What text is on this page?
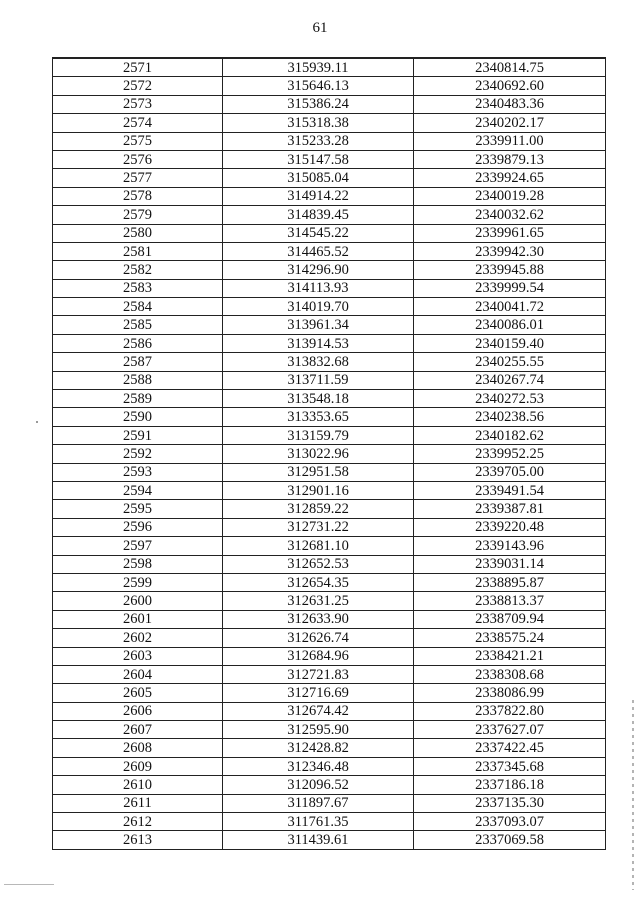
61
2571	315939.11	2340814.75
2572	315646.13	2340692.60
2573	315386.24	2340483.36
2574	315318.38	2340202.17
2575	315233.28	2339911.00
2576	315147.58	2339879.13
2577	315085.04	2339924.65
2578	314914.22	2340019.28
2579	314839.45	2340032.62
2580	314545.22	2339961.65
2581	314465.52	2339942.30
2582	314296.90	2339945.88
2583	314113.93	2339999.54
2584	314019.70	2340041.72
2585	313961.34	2340086.01
2586	313914.53	2340159.40
2587	313832.68	2340255.55
2588	313711.59	2340267.74
2589	313548.18	2340272.53
2590	313353.65	2340238.56
2591	313159.79	2340182.62
2592	313022.96	2339952.25
2593	312951.58	2339705.00
2594	312901.16	2339491.54
2595	312859.22	2339387.81
2596	312731.22	2339220.48
2597	312681.10	2339143.96
2598	312652.53	2339031.14
2599	312654.35	2338895.87
2600	312631.25	2338813.37
2601	312633.90	2338709.94
2602	312626.74	2338575.24
2603	312684.96	2338421.21
2604	312721.83	2338308.68
2605	312716.69	2338086.99
2606	312674.42	2337822.80
2607	312595.90	2337627.07
2608	312428.82	2337422.45
2609	312346.48	2337345.68
2610	312096.52	2337186.18
2611	311897.67	2337135.30
2612	311761.35	2337093.07
2613	311439.61	2337069.58
